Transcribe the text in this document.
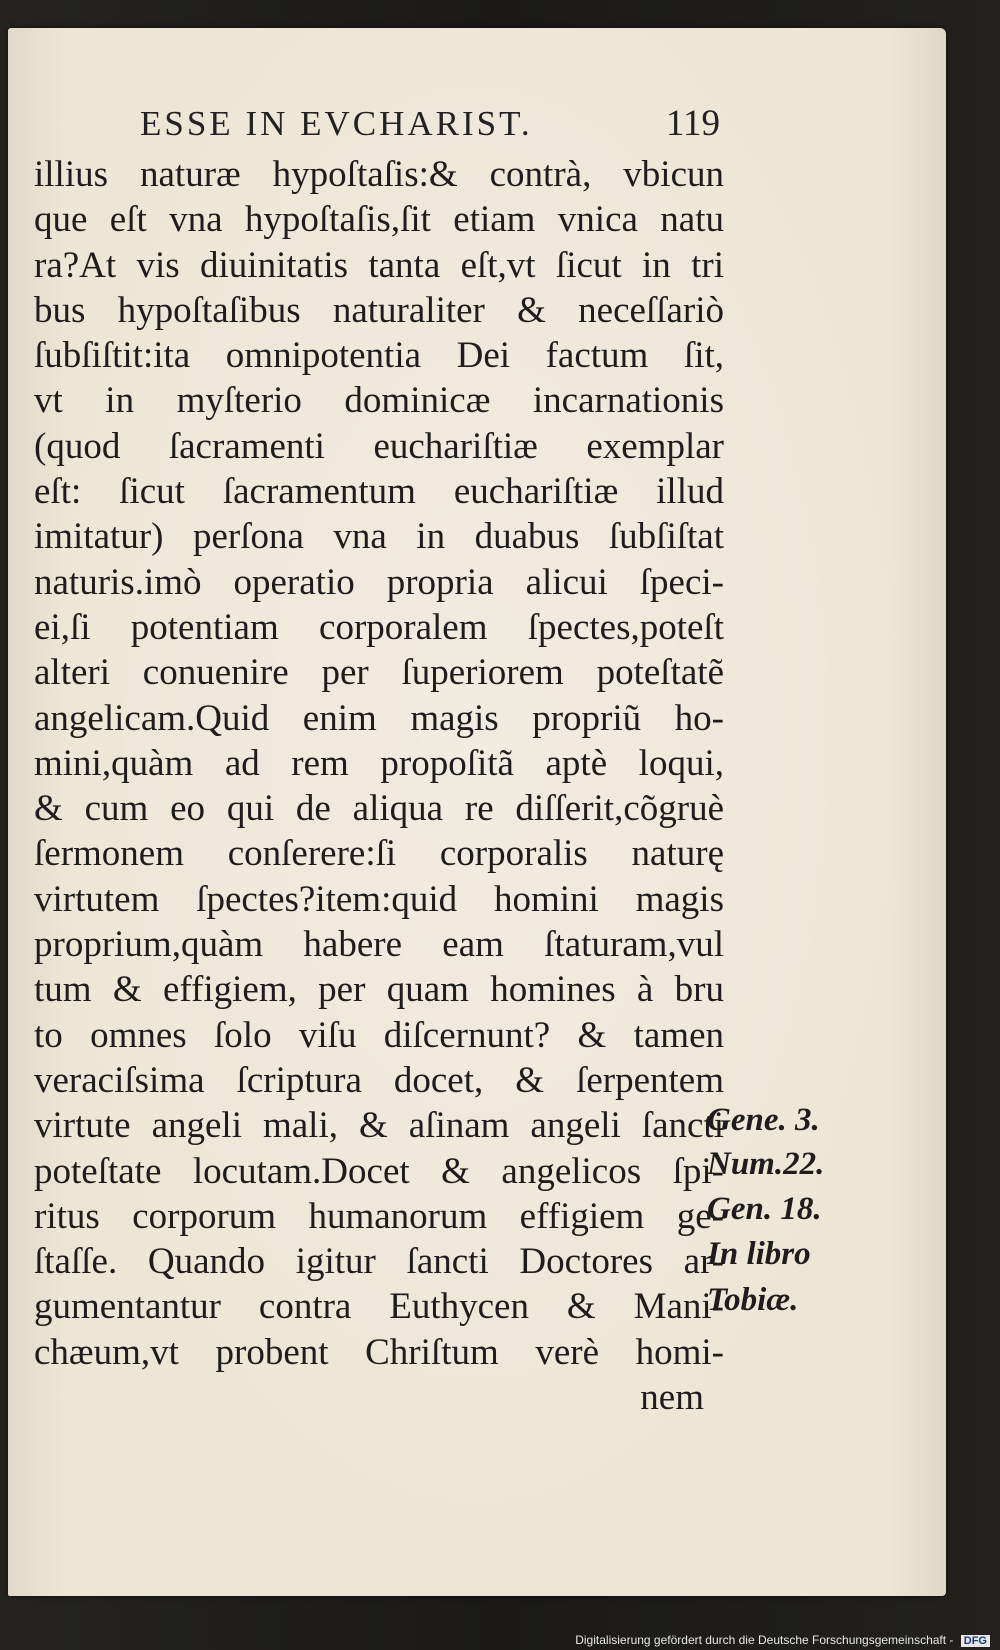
ESSE IN EVCHARIST.	119
illius naturæ hypoſtaſis:& contrà, vbicun
que eſt vna hypoſtaſis,ſit etiam vnica natu
ra?At vis diuinitatis tanta eſt,vt ſicut in tri
bus hypoſtaſibus naturaliter & neceſſariò
ſubſiſtit:ita omnipotentia Dei factum ſit,
vt in myſterio dominicæ incarnationis
(quod ſacramenti euchariſtiæ exemplar
eſt: ſicut ſacramentum euchariſtiæ illud
imitatur) perſona vna in duabus ſubſiſtat
naturis.imò operatio propria alicui ſpeci-
ei,ſi potentiam corporalem ſpectes,poteſt
alteri conuenire per ſuperiorem poteſtatẽ
angelicam.Quid enim magis propriũ ho-
mini,quàm ad rem propoſitã aptè loqui,
& cum eo qui de aliqua re diſſerit,cõgruè
ſermonem conſerere:ſi corporalis naturę
virtutem ſpectes?item:quid homini magis
proprium,quàm habere eam ſtaturam,vul
tum & effigiem, per quam homines à bru
to omnes ſolo viſu diſcernunt? & tamen
veraciſsima ſcriptura docet, & ſerpentem
virtute angeli mali, & aſinam angeli ſancti
poteſtate locutam.Docet & angelicos ſpi-
ritus corporum humanorum effigiem ge-
ſtaſſe. Quando igitur ſancti Doctores ar-
gumentantur contra Euthycen & Mani-
chæum,vt probent Chriſtum verè homi-
nem
Gene. 3.
Num.22.
Gen. 18.
In libro
Tobiæ.
Digitalisierung gefördert durch die Deutsche Forschungsgemeinschaft - DFG
